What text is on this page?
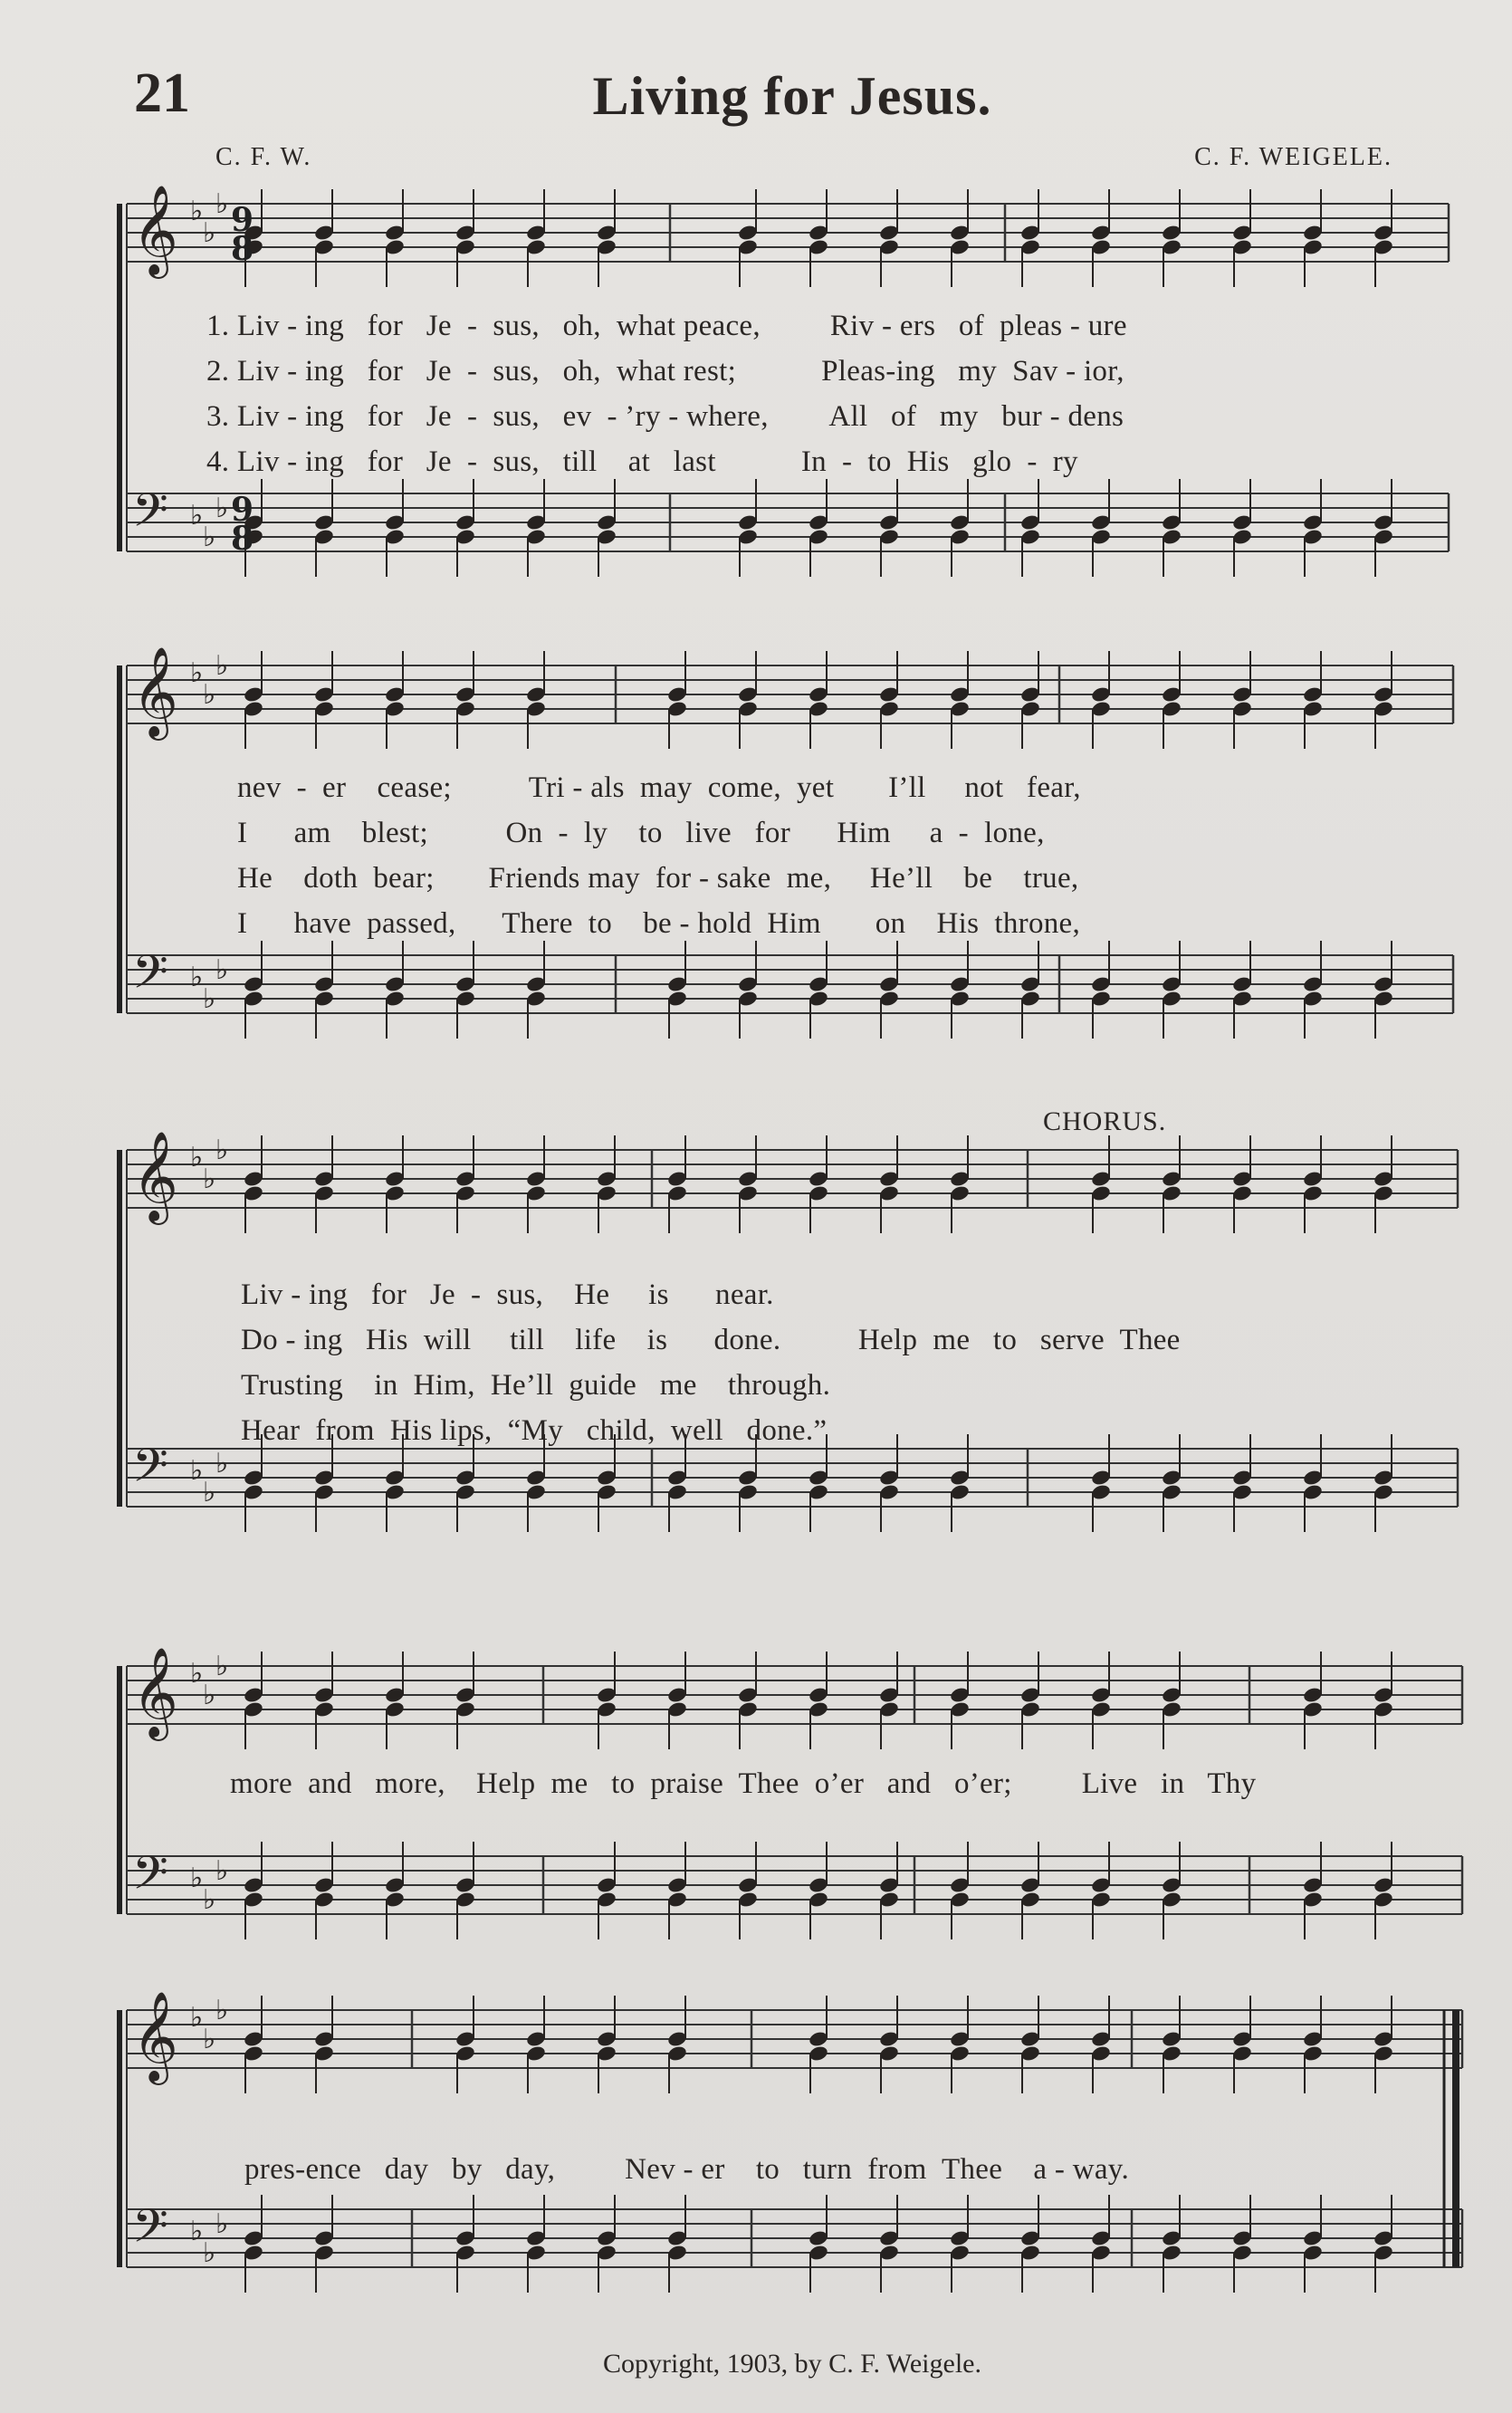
21	Living for Jesus.
C. F. W.	C. F. WEIGELE.
𝄞 ♭
♭
♭
𝄢 ♭
♭
♭
𝄞 ♭
♭
♭
𝄢 ♭
♭
♭
𝄞 ♭
♭
♭
𝄢 ♭
♭
♭
𝄞 ♭
♭
♭
𝄢 ♭
♭
♭
𝄞 ♭
♭
♭
𝄢 ♭
♭
♭
9
8
9
8
CHORUS.
1. Liv - ing   for   Je  -  sus,   oh,  what peace,         Riv - ers   of  pleas - ure
2. Liv - ing   for   Je  -  sus,   oh,  what rest;           Pleas-ing   my  Sav - ior,
3. Liv - ing   for   Je  -  sus,   ev  - ’ry - where,        All   of   my   bur - dens
4. Liv - ing   for   Je  -  sus,   till    at   last           In  -  to  His   glo  -  ry
nev  -  er    cease;          Tri - als  may  come,  yet       I’ll     not   fear,
I      am    blest;          On  -  ly    to   live   for      Him     a  -  lone,
He    doth  bear;       Friends may  for - sake  me,     He’ll    be    true,
I      have  passed,      There  to    be - hold  Him       on    His  throne,
Liv - ing   for   Je  -  sus,    He     is      near.
Do - ing   His  will     till    life    is      done.          Help  me   to   serve  Thee
Trusting    in  Him,  He’ll  guide   me    through.
Hear  from  His lips,  “My   child,  well   done.”
more  and   more,    Help  me   to  praise  Thee  o’er   and   o’er;         Live   in   Thy
pres-ence   day   by   day,         Nev - er    to   turn  from  Thee    a - way.
Copyright, 1903, by C. F. Weigele.
